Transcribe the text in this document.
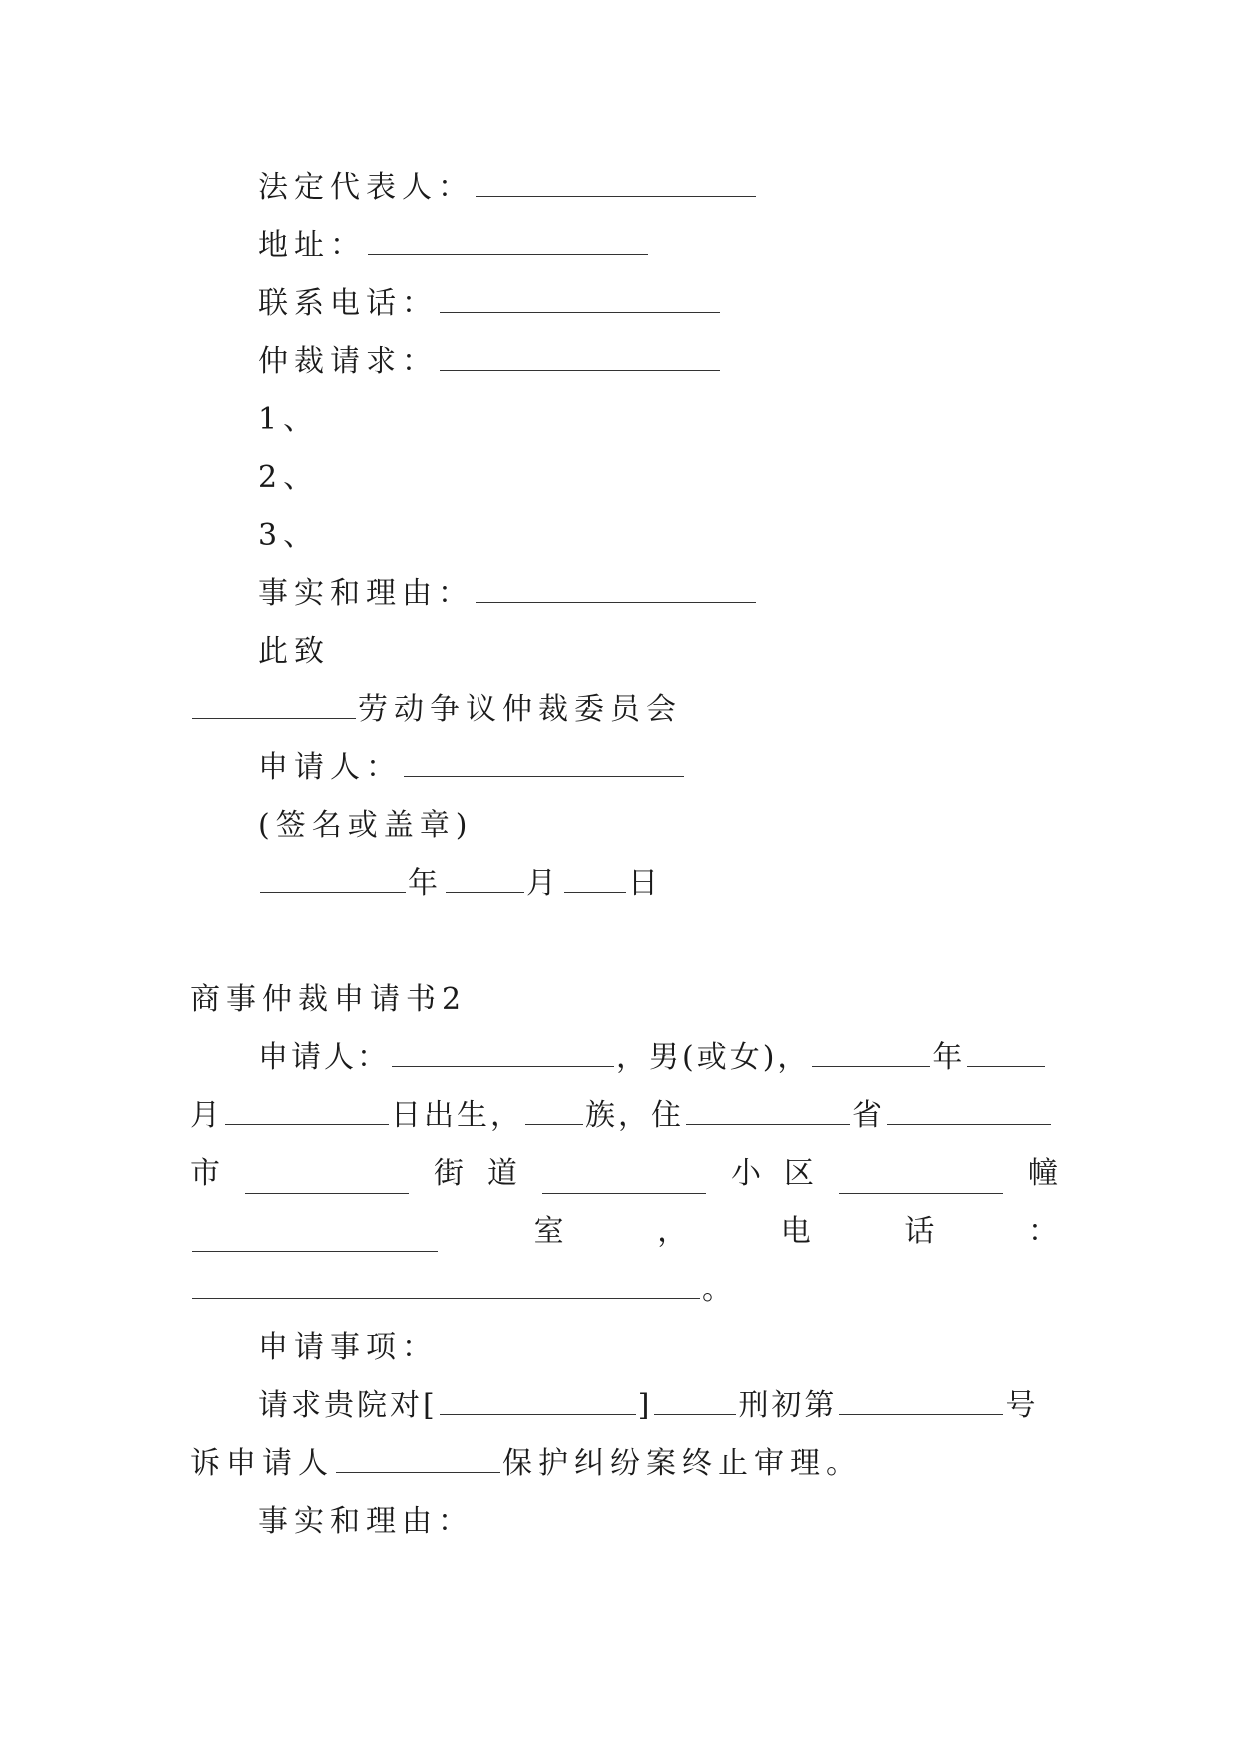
法定代表人：

地址：

联系电话：

仲裁请求：

1、

2、

3、

事实和理由：

此致

劳动争议仲裁委员会

申请人：

(签名或盖章)

年	月 日

商事仲裁申请书2

申请人：	，男(或女)，	年

月	日出生， 族，住	省

市	街 道	小 区	幢
室	，	电	话	：

。

申请事项：

请求贵院对[	]	刑初第	号

诉申请人	保护纠纷案终止审理。

事实和理由：
